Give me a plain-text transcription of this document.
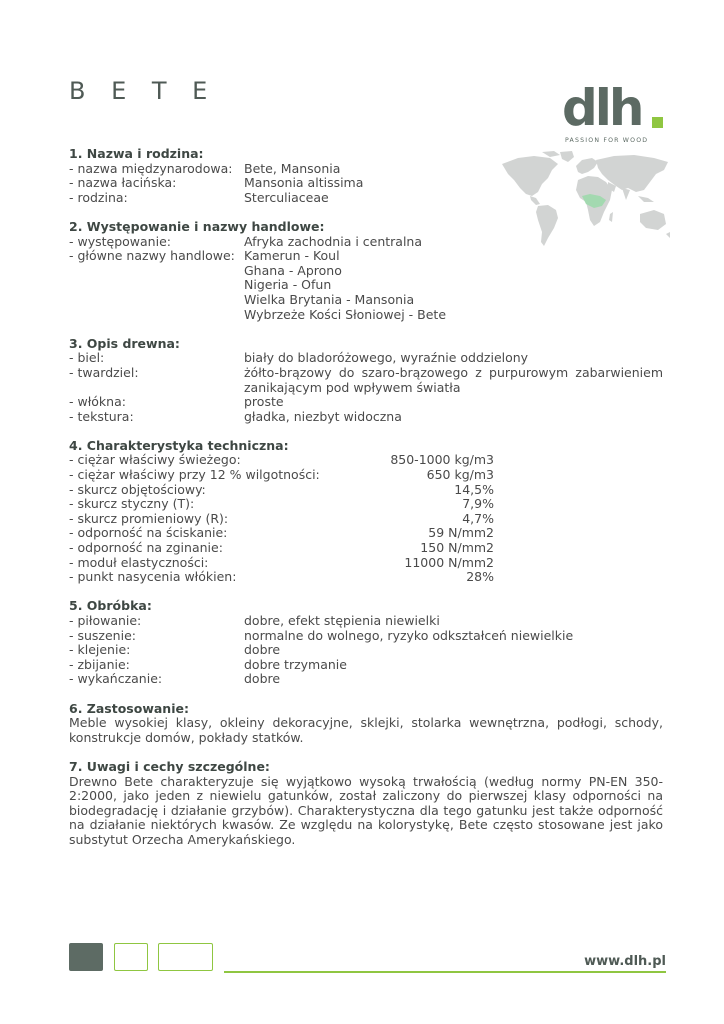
B E T E	dlh
PASSION FOR WOOD
1. Nazwa i rodzina:
- nazwa międzynarodowa: Bete, Mansonia
- nazwa łacińska:	Mansonia altissima
- rodzina:	Sterculiaceae
2. Występowanie i nazwy handlowe:
- występowanie:	Afryka zachodnia i centralna
- główne nazwy handlowe: Kamerun - Koul
Ghana - Aprono
Nigeria - Ofun
Wielka Brytania - Mansonia
Wybrzeże Kości Słoniowej - Bete
3. Opis drewna:
- biel:	biały do bladoróżowego, wyraźnie oddzielony
- twardziel:	żółto-brązowy do szaro-brązowego z purpurowym zabarwieniem zanikającym pod wpływem światła
- włókna:	proste
- tekstura:	gładka, niezbyt widoczna
4. Charakterystyka techniczna:
- ciężar właściwy świeżego:	850-1000 kg/m3
- ciężar właściwy przy 12 % wilgotności:	650 kg/m3
- skurcz objętościowy:	14,5%
- skurcz styczny (T):	7,9%
- skurcz promieniowy (R):	4,7%
- odporność na ściskanie:	59 N/mm2
- odporność na zginanie:	150 N/mm2
- moduł elastyczności:	11000 N/mm2
- punkt nasycenia włókien:	28%
5. Obróbka:
- piłowanie:	dobre, efekt stępienia niewielki
- suszenie:	normalne do wolnego, ryzyko odkształceń niewielkie
- klejenie:	dobre
- zbijanie:	dobre trzymanie
- wykańczanie:	dobre
6. Zastosowanie:
Meble wysokiej klasy, okleiny dekoracyjne, sklejki, stolarka wewnętrzna, podłogi, schody, konstrukcje domów, pokłady statków.
7. Uwagi i cechy szczególne:
Drewno Bete charakteryzuje się wyjątkowo wysoką trwałością (według normy PN-EN 350-2:2000, jako jeden z niewielu gatunków, został zaliczony do pierwszej klasy odporności na biodegradację i działanie grzybów). Charakterystyczna dla tego gatunku jest także odporność na działanie niektórych kwasów. Ze względu na kolorystykę, Bete często stosowane jest jako substytut Orzecha Amerykańskiego.
www.dlh.pl
